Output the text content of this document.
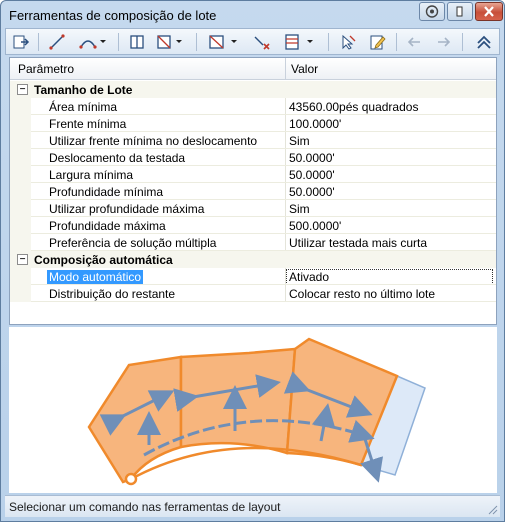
Ferramentas de composição de lote
Parâmetro	Valor
− Tamanho de Lote
Área mínima	43560.00pés quadrados
Frente mínima	100.0000'
Utilizar frente mínima no deslocamento	Sim
Deslocamento da testada	50.0000'
Largura mínima	50.0000'
Profundidade mínima	50.0000'
Utilizar profundidade máxima	Sim
Profundidade máxima	500.0000'
Preferência de solução múltipla	Utilizar testada mais curta
− Composição automática
Modo automático	Ativado
Distribuição do restante	Colocar resto no último lote
Selecionar um comando nas ferramentas de layout
